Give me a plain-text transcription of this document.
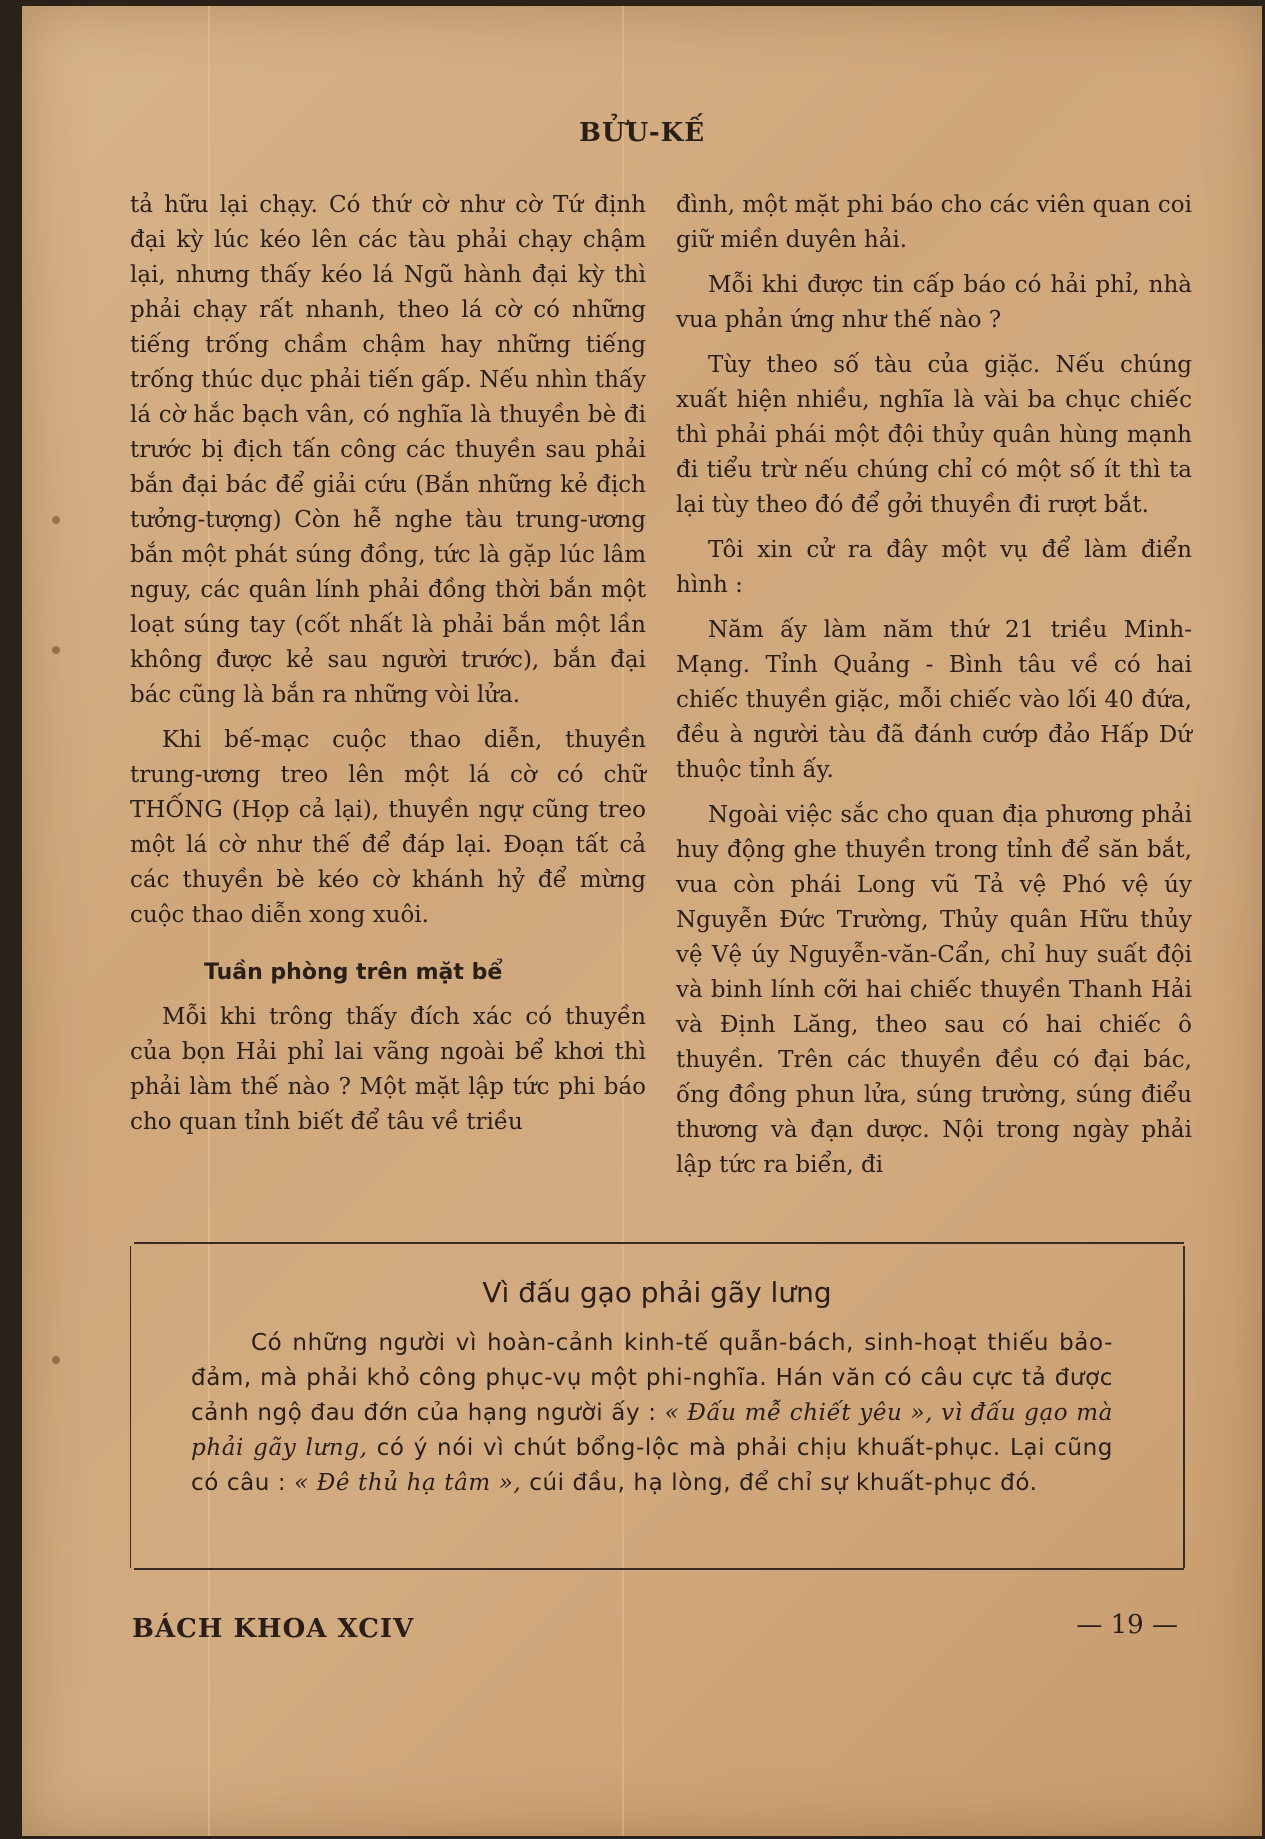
BỬU-KẾ

tả hữu lại chạy. Có thứ cờ như cờ Tứ định đại kỳ lúc kéo lên các tàu phải chạy chậm lại, nhưng thấy kéo lá Ngũ hành đại kỳ thì phải chạy rất nhanh, theo lá cờ có những tiếng trống chầm chậm hay những tiếng trống thúc dục phải tiến gấp. Nếu nhìn thấy lá cờ hắc bạch vân, có nghĩa là thuyền bè đi trước bị địch tấn công các thuyền sau phải bắn đại bác để giải cứu (Bắn những kẻ địch tưởng-tượng) Còn hễ nghe tàu trung-ương bắn một phát súng đồng, tức là gặp lúc lâm nguy, các quân lính phải đồng thời bắn một loạt súng tay (cốt nhất là phải bắn một lần không được kẻ sau người trước), bắn đại bác cũng là bắn ra những vòi lửa.

Khi bế-mạc cuộc thao diễn, thuyền trung-ương treo lên một lá cờ có chữ THỐNG (Họp cả lại), thuyền ngự cũng treo một lá cờ như thế để đáp lại. Đoạn tất cả các thuyền bè kéo cờ khánh hỷ để mừng cuộc thao diễn xong xuôi.

Tuần phòng trên mặt bể

Mỗi khi trông thấy đích xác có thuyền của bọn Hải phỉ lai vãng ngoài bể khơi thì phải làm thế nào ? Một mặt lập tức phi báo cho quan tỉnh biết để tâu về triều

đình, một mặt phi báo cho các viên quan coi giữ miền duyên hải.

Mỗi khi được tin cấp báo có hải phỉ, nhà vua phản ứng như thế nào ?

Tùy theo số tàu của giặc. Nếu chúng xuất hiện nhiều, nghĩa là vài ba chục chiếc thì phải phái một đội thủy quân hùng mạnh đi tiểu trừ nếu chúng chỉ có một số ít thì ta lại tùy theo đó để gởi thuyền đi rượt bắt.

Tôi xin cử ra đây một vụ để làm điển hình :

Năm ấy làm năm thứ 21 triều Minh-Mạng. Tỉnh Quảng - Bình tâu về có hai chiếc thuyền giặc, mỗi chiếc vào lối 40 đứa, đều à người tàu đã đánh cướp đảo Hấp Dứ thuộc tỉnh ấy.

Ngoài việc sắc cho quan địa phương phải huy động ghe thuyền trong tỉnh để săn bắt, vua còn phái Long vũ Tả vệ Phó vệ úy Nguyễn Đức Trường, Thủy quân Hữu thủy vệ Vệ úy Nguyễn-văn-Cẩn, chỉ huy suất đội và binh lính cỡi hai chiếc thuyền Thanh Hải và Định Lăng, theo sau có hai chiếc ô thuyền. Trên các thuyền đều có đại bác, ống đồng phun lửa, súng trường, súng điểu thương và đạn dược. Nội trong ngày phải lập tức ra biển, đi

Vì đấu gạo phải gãy lưng
Có những người vì hoàn-cảnh kinh-tế quẫn-bách, sinh-hoạt thiếu bảo-đảm, mà phải khỏ công phục-vụ một phi-nghĩa. Hán văn có câu cực tả được cảnh ngộ đau đớn của hạng người ấy : « Đấu mễ chiết yêu », vì đấu gạo mà phải gãy lưng, có ý nói vì chút bổng-lộc mà phải chịu khuất-phục. Lại cũng có câu : « Đê thủ hạ tâm », cúi đầu, hạ lòng, để chỉ sự khuất-phục đó.
BÁCH KHOA XCIV	— 19 —
